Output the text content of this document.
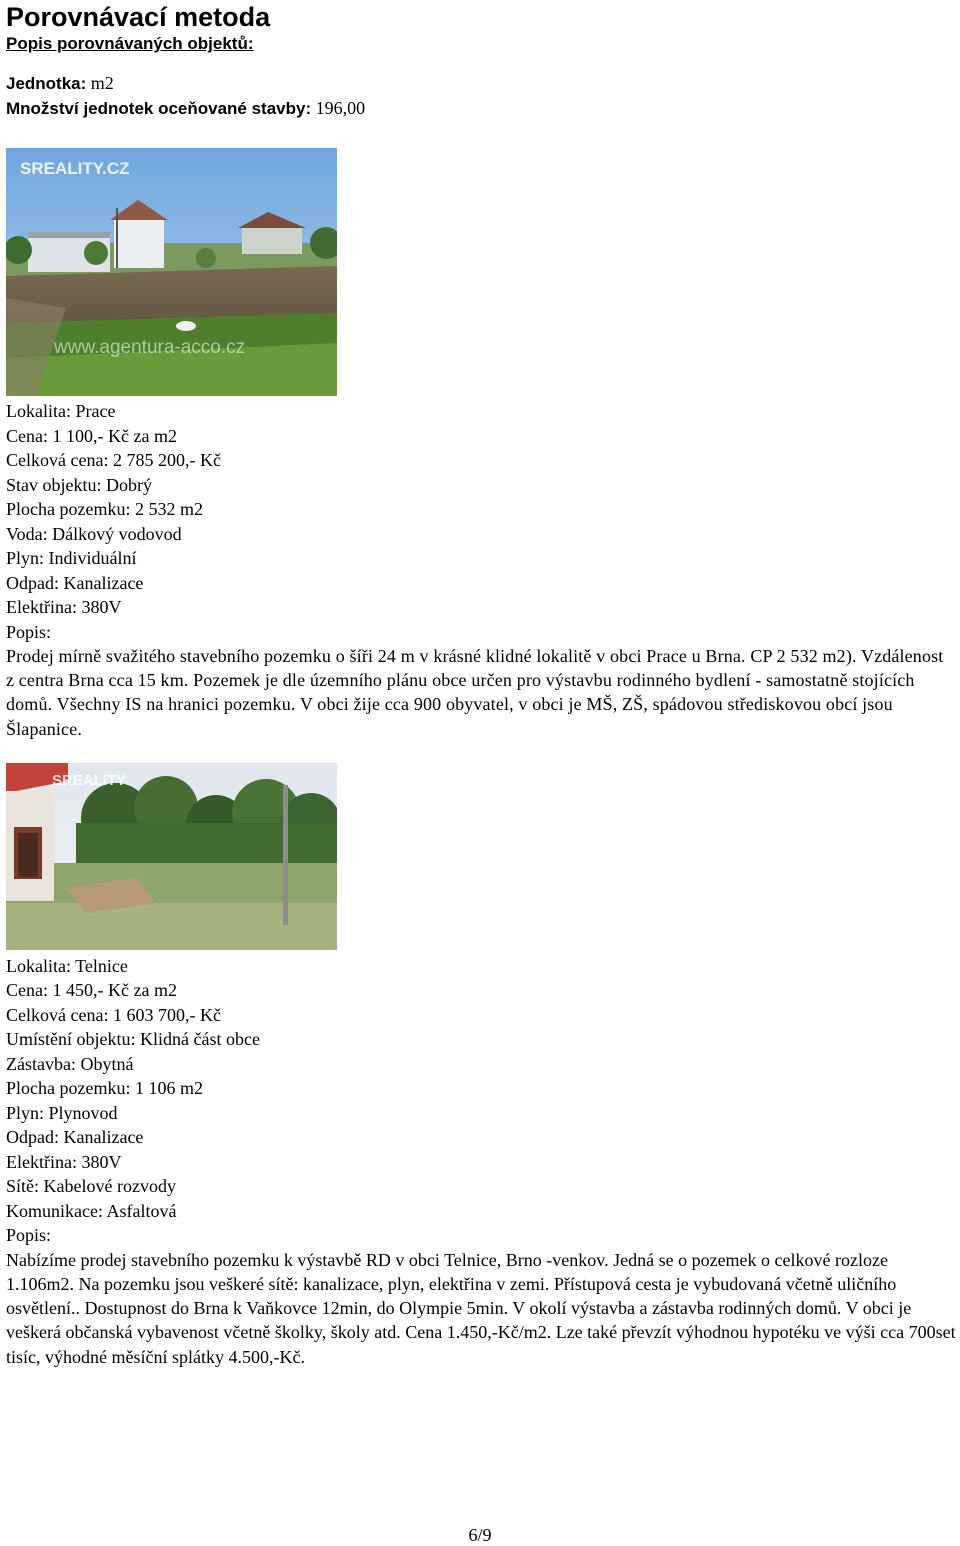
Porovnávací metoda
Popis porovnávaných objektů:
Jednotka: m2
Množství jednotek oceňované stavby: 196,00
SREALITY.CZ
www.agentura-acco.cz
Lokalita: Prace
Cena: 1 100,- Kč za m2
Celková cena: 2 785 200,- Kč
Stav objektu: Dobrý
Plocha pozemku: 2 532 m2
Voda: Dálkový vodovod
Plyn: Individuální
Odpad: Kanalizace
Elektřina: 380V
Popis:
Prodej mírně svažitého stavebního pozemku o šíři 24 m v krásné klidné lokalitě v obci Prace u Brna. CP 2 532 m2). Vzdálenost z centra Brna cca 15 km. Pozemek je dle územního plánu obce určen pro výstavbu rodinného bydlení - samostatně stojících domů. Všechny IS na hranici pozemku. V obci žije cca 900 obyvatel, v obci je MŠ, ZŠ, spádovou střediskovou obcí jsou Šlapanice.
SREALITY
Lokalita: Telnice
Cena: 1 450,- Kč za m2
Celková cena: 1 603 700,- Kč
Umístění objektu: Klidná část obce
Zástavba: Obytná
Plocha pozemku: 1 106 m2
Plyn: Plynovod
Odpad: Kanalizace
Elektřina: 380V
Sítě: Kabelové rozvody
Komunikace: Asfaltová
Popis:
Nabízíme prodej stavebního pozemku k výstavbě RD v obci Telnice, Brno -venkov. Jedná se o pozemek o celkové rozloze 1.106m2. Na pozemku jsou veškeré sítě: kanalizace, plyn, elektřina v zemi. Přístupová cesta je vybudovaná včetně uličního osvětlení.. Dostupnost do Brna k Vaňkovce 12min, do Olympie 5min. V okolí výstavba a zástavba rodinných domů. V obci je veškerá občanská vybavenost včetně školky, školy atd. Cena 1.450,-Kč/m2. Lze také převzít výhodnou hypotéku ve výši cca 700set tisíc, výhodné měsíční splátky 4.500,-Kč.
6/9
